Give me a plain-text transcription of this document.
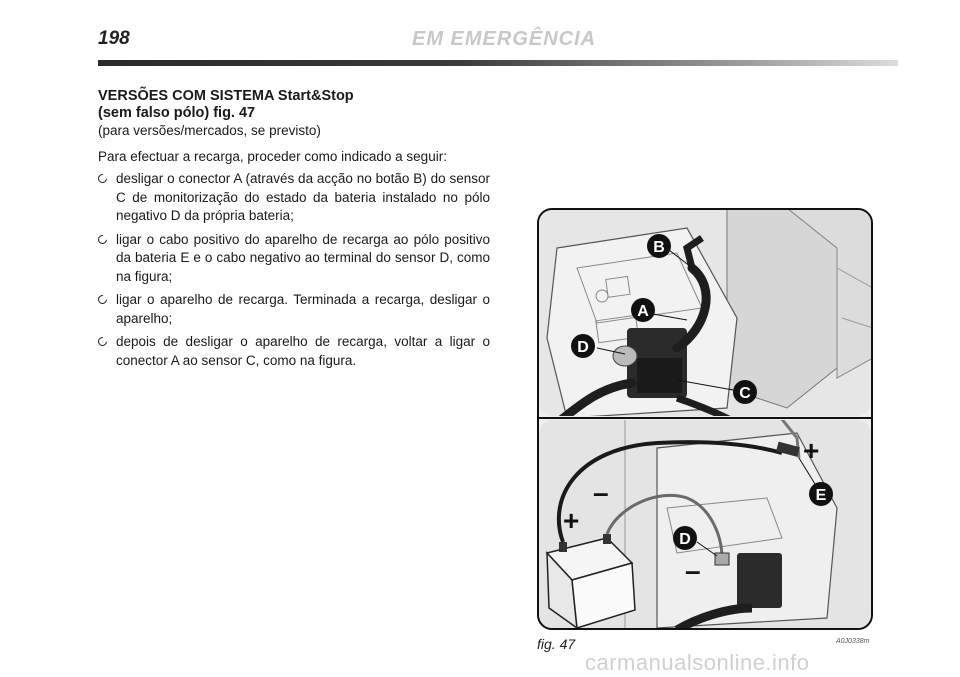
198	EM EMERGÊNCIA

VERSÕES COM SISTEMA Start&Stop

(sem falso pólo) fig. 47

(para versões/mercados, se previsto)

Para efectuar a recarga, proceder como indicado a seguir:

desligar o conector A (através da acção no botão B) do sensor C de monitorização do estado da bateria instalado no pólo negativo D da própria bateria;
ligar o cabo positivo do aparelho de recarga ao pólo positivo da bateria E e o cabo negativo ao terminal do sensor D, como na figura;
ligar o aparelho de recarga. Terminada a recarga, desligar o aparelho;
depois de desligar o aparelho de recarga, voltar a ligar o conector A ao sensor C, como na figura.
B
A
D
C
E
D
+
+
–
–
fig. 47	A0J0338m
carmanualsonline.info
